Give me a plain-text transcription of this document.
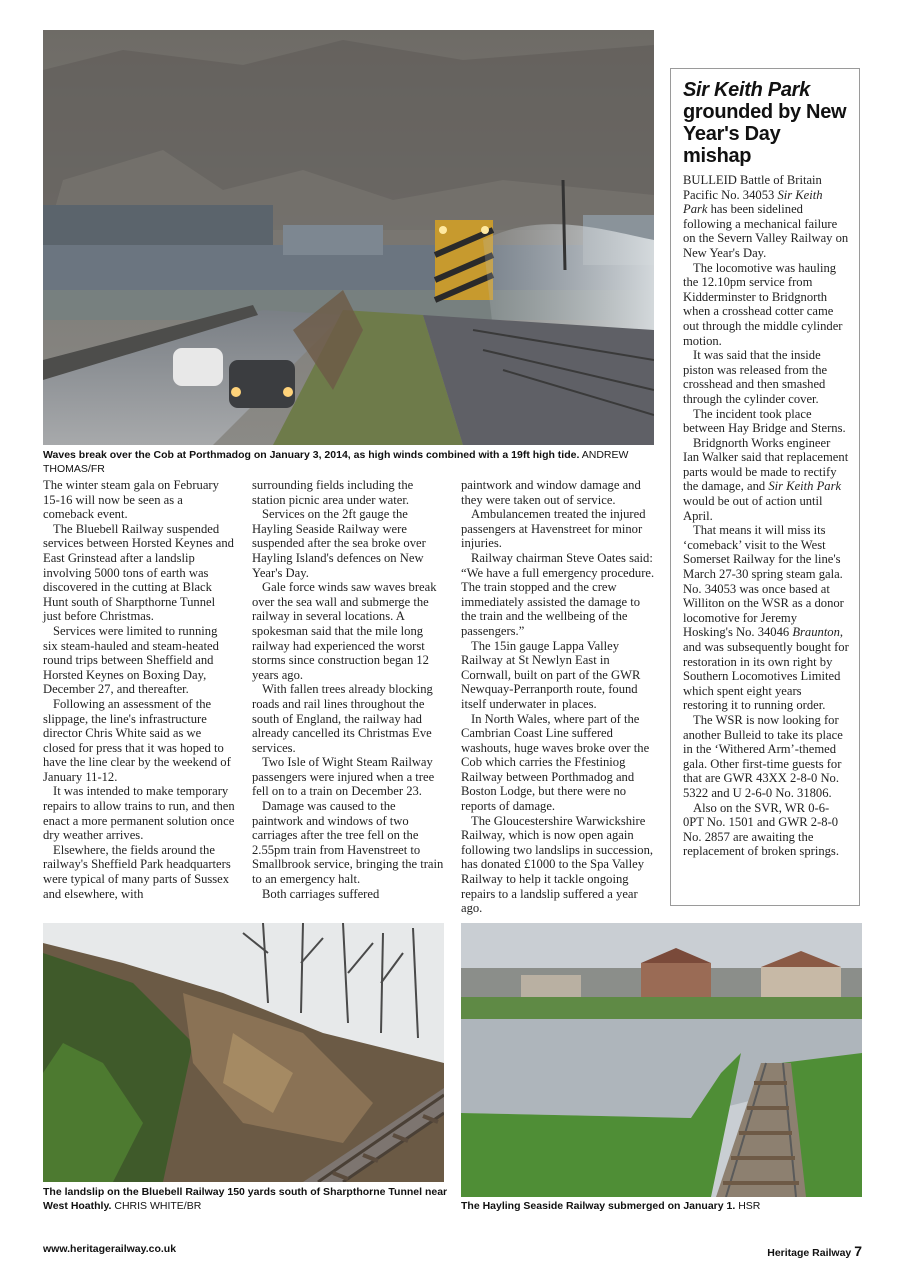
Waves break over the Cob at Porthmadog on January 3, 2014, as high winds combined with a 19ft high tide. ANDREW THOMAS/FR

The winter steam gala on February 15-16 will now be seen as a comeback event.

The Bluebell Railway suspended services between Horsted Keynes and East Grinstead after a landslip involving 5000 tons of earth was discovered in the cutting at Black Hunt south of Sharpthorne Tunnel just before Christmas.

Services were limited to running six steam-hauled and steam-heated round trips between Sheffield and Horsted Keynes on Boxing Day, December 27, and thereafter.

Following an assessment of the slippage, the line's infrastructure director Chris White said as we closed for press that it was hoped to have the line clear by the weekend of January 11-12.

It was intended to make temporary repairs to allow trains to run, and then enact a more permanent solution once dry weather arrives.

Elsewhere, the fields around the railway's Sheffield Park headquarters were typical of many parts of Sussex and elsewhere, with

surrounding fields including the station picnic area under water.

Services on the 2ft gauge the Hayling Seaside Railway were suspended after the sea broke over Hayling Island's defences on New Year's Day.

Gale force winds saw waves break over the sea wall and submerge the railway in several locations. A spokesman said that the mile long railway had experienced the worst storms since construction began 12 years ago.

With fallen trees already blocking roads and rail lines throughout the south of England, the railway had already cancelled its Christmas Eve services.

Two Isle of Wight Steam Railway passengers were injured when a tree fell on to a train on December 23.

Damage was caused to the paintwork and windows of two carriages after the tree fell on the 2.55pm train from Havenstreet to Smallbrook service, bringing the train to an emergency halt.

Both carriages suffered

paintwork and window damage and they were taken out of service.

Ambulancemen treated the injured passengers at Havenstreet for minor injuries.

Railway chairman Steve Oates said: “We have a full emergency procedure. The train stopped and the crew immediately assisted the damage to the train and the wellbeing of the passengers.”

The 15in gauge Lappa Valley Railway at St Newlyn East in Cornwall, built on part of the GWR Newquay-Perranporth route, found itself underwater in places.

In North Wales, where part of the Cambrian Coast Line suffered washouts, huge waves broke over the Cob which carries the Ffestiniog Railway between Porthmadog and Boston Lodge, but there were no reports of damage.

The Gloucestershire Warwickshire Railway, which is now open again following two landslips in succession, has donated £1000 to the Spa Valley Railway to help it tackle ongoing repairs to a landslip suffered a year ago.

Sir Keith Park
grounded by New Year's Day mishap

BULLEID Battle of Britain Pacific No. 34053 Sir Keith Park has been sidelined following a mechanical failure on the Severn Valley Railway on New Year's Day.

The locomotive was hauling the 12.10pm service from Kidderminster to Bridgnorth when a crosshead cotter came out through the middle cylinder motion.

It was said that the inside piston was released from the crosshead and then smashed through the cylinder cover.

The incident took place between Hay Bridge and Sterns.

Bridgnorth Works engineer Ian Walker said that replacement parts would be made to rectify the damage, and Sir Keith Park would be out of action until April.

That means it will miss its ‘comeback’ visit to the West Somerset Railway for the line's March 27-30 spring steam gala. No. 34053 was once based at Williton on the WSR as a donor locomotive for Jeremy Hosking's No. 34046 Braunton, and was subsequently bought for restoration in its own right by Southern Locomotives Limited which spent eight years restoring it to running order.

The WSR is now looking for another Bulleid to take its place in the ‘Withered Arm’-themed gala. Other first-time guests for that are GWR 43XX 2-8-0 No. 5322 and U 2-6-0 No. 31806.

Also on the SVR, WR 0-6-0PT No. 1501 and GWR 2-8-0 No. 2857 are awaiting the replacement of broken springs.

The landslip on the Bluebell Railway 150 yards south of Sharpthorne Tunnel near West Hoathly. CHRIS WHITE/BR	The Hayling Seaside Railway submerged on January 1. HSR
www.heritagerailway.co.uk	Heritage Railway 7
